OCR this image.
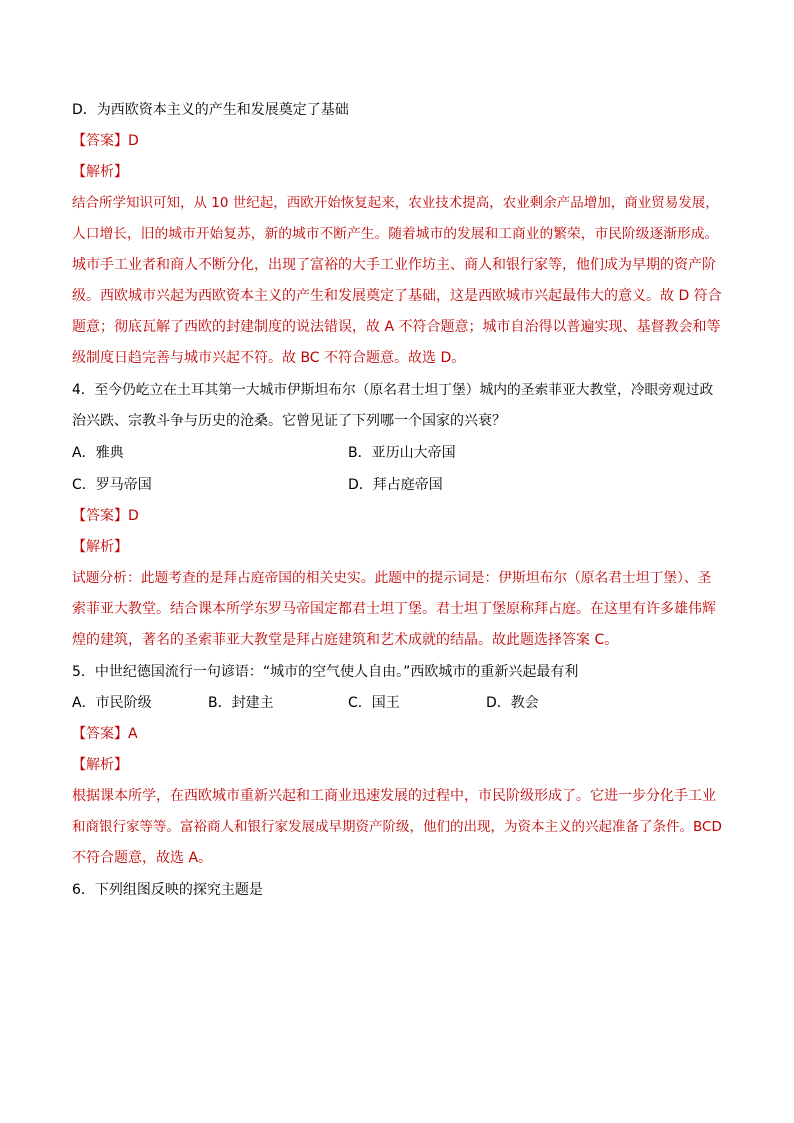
D．为西欧资本主义的产生和发展奠定了基础
【答案】D
【解析】
结合所学知识可知，从 10 世纪起，西欧开始恢复起来，农业技术提高，农业剩余产品增加，商业贸易发展，
人口增长，旧的城市开始复苏，新的城市不断产生。随着城市的发展和工商业的繁荣，市民阶级逐渐形成。
城市手工业者和商人不断分化，出现了富裕的大手工业作坊主、商人和银行家等，他们成为早期的资产阶
级。西欧城市兴起为西欧资本主义的产生和发展奠定了基础，这是西欧城市兴起最伟大的意义。故 D 符合
题意；彻底瓦解了西欧的封建制度的说法错误，故 A 不符合题意；城市自治得以普遍实现、基督教会和等
级制度日趋完善与城市兴起不符。故 BC 不符合题意。故选 D。
4．至今仍屹立在土耳其第一大城市伊斯坦布尔（原名君士坦丁堡）城内的圣索菲亚大教堂，冷眼旁观过政
治兴跌、宗教斗争与历史的沧桑。它曾见证了下列哪一个国家的兴衰？
A．雅典	B．亚历山大帝国
C．罗马帝国	D．拜占庭帝国
【答案】D
【解析】
试题分析：此题考查的是拜占庭帝国的相关史实。此题中的提示词是：伊斯坦布尔（原名君士坦丁堡）、圣
索菲亚大教堂。结合课本所学东罗马帝国定都君士坦丁堡。君士坦丁堡原称拜占庭。在这里有许多雄伟辉
煌的建筑，著名的圣索菲亚大教堂是拜占庭建筑和艺术成就的结晶。故此题选择答案 C。
5．中世纪德国流行一句谚语：“城市的空气使人自由。”西欧城市的重新兴起最有利
A．市民阶级	B．封建主	C．国王	D．教会
【答案】A
【解析】
根据课本所学，在西欧城市重新兴起和工商业迅速发展的过程中，市民阶级形成了。它进一步分化手工业
和商银行家等等。富裕商人和银行家发展成早期资产阶级，他们的出现，为资本主义的兴起准备了条件。BCD
不符合题意，故选 A。
6．下列组图反映的探究主题是
